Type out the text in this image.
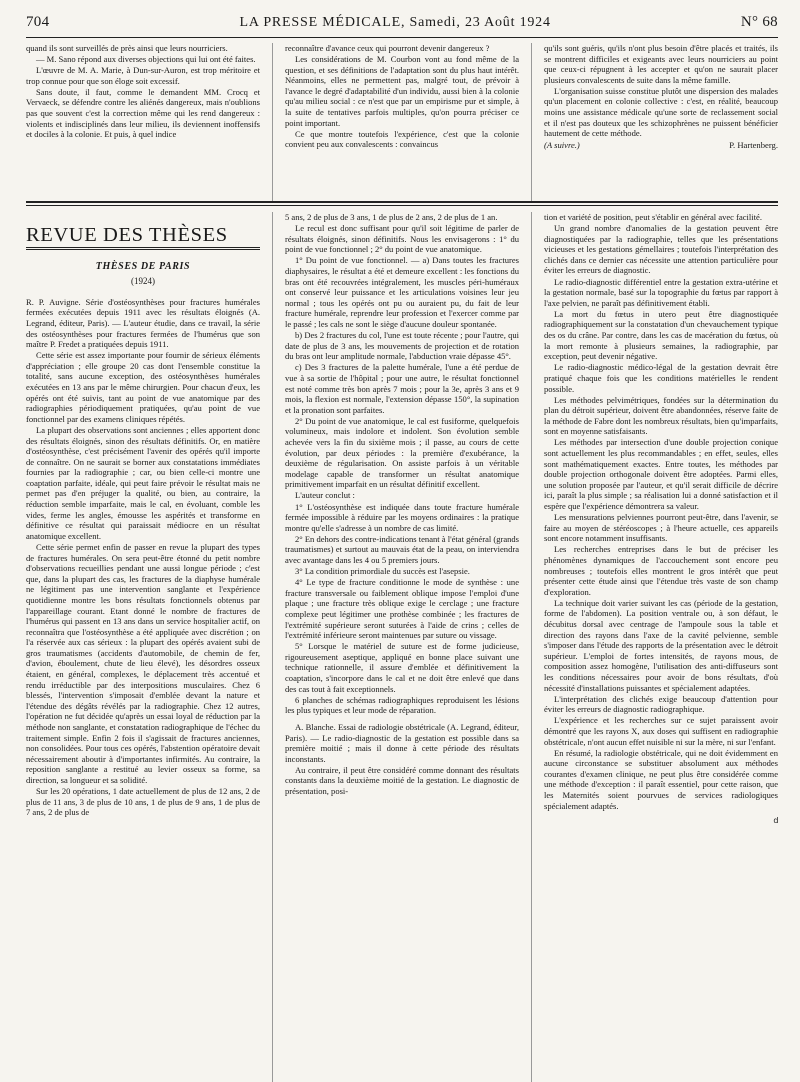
704	LA PRESSE MÉDICALE, Samedi, 23 Août 1924	N° 68

quand ils sont surveillés de près ainsi que leurs nourriciers.

— M. Sano répond aux diverses objections qui lui ont été faites.

L'œuvre de M. A. Marie, à Dun-sur-Auron, est trop méritoire et trop connue pour que son éloge soit excessif.

Sans doute, il faut, comme le demandent MM. Crocq et Vervaeck, se défendre contre les aliénés dangereux, mais n'oublions pas que souvent c'est la correction même qui les rend dangereux : violents et indisciplinés dans leur milieu, ils deviennent inoffensifs et dociles à la colonie. Et puis, à quel indice

reconnaître d'avance ceux qui pourront devenir dangereux ?

Les considérations de M. Courbon vont au fond même de la question, et ses définitions de l'adaptation sont du plus haut intérêt. Néanmoins, elles ne permettent pas, malgré tout, de prévoir à l'avance le degré d'adaptabilité d'un individu, aussi bien à la colonie qu'au milieu social : ce n'est que par un empirisme pur et simple, à la suite de tentatives parfois multiples, qu'on pourra préciser ce point important.

Ce que montre toutefois l'expérience, c'est que la colonie convient peu aux convalescents : convaincus

qu'ils sont guéris, qu'ils n'ont plus besoin d'être placés et traités, ils se montrent difficiles et exigeants avec leurs nourriciers au point que ceux-ci répugnent à les accepter et qu'on ne saurait placer plusieurs convalescents de suite dans la même famille.

L'organisation suisse constitue plutôt une dispersion des malades qu'un placement en colonie collective : c'est, en réalité, beaucoup moins une assistance médicale qu'une sorte de reclassement social et il n'est pas douteux que les schizophrènes ne puissent bénéficier hautement de cette méthode.

(A suivre.)	P. Hartenberg.
REVUE DES THÈSES
THÈSES DE PARIS
(1924)

R. P. Auvigne. Série d'ostéosynthèses pour fractures humérales fermées exécutées depuis 1911 avec les résultats éloignés (A. Legrand, éditeur, Paris). — L'auteur étudie, dans ce travail, la série des ostéosynthèses pour fractures fermées de l'humérus que son maître P. Fredet a pratiquées depuis 1911.

Cette série est assez importante pour fournir de sérieux éléments d'appréciation ; elle groupe 20 cas dont l'ensemble constitue la totalité, sans aucune exception, des ostéosynthèses humérales exécutées en 13 ans par le même chirurgien. Pour chacun d'eux, les opérés ont été suivis, tant au point de vue anatomique par des radiographies périodiquement pratiquées, qu'au point de vue fonctionnel par des examens cliniques répétés.

La plupart des observations sont anciennes ; elles apportent donc des résultats éloignés, sinon des résultats définitifs. Or, en matière d'ostéosynthèse, c'est précisément l'avenir des opérés qu'il importe de connaître. On ne saurait se borner aux constatations immédiates fournies par la radiographie ; car, ou bien celle-ci montre une coaptation parfaite, idéale, qui peut faire prévoir le résultat mais ne permet pas d'en préjuger la qualité, ou bien, au contraire, la réduction semble imparfaite, mais le cal, en évoluant, comble les vides, ferme les angles, émousse les aspérités et transforme en définitive ce résultat qui paraissait médiocre en un résultat anatomique excellent.

Cette série permet enfin de passer en revue la plupart des types de fractures humérales. On sera peut-être étonné du petit nombre d'observations recueillies pendant une aussi longue période ; c'est que, dans la plupart des cas, les fractures de la diaphyse humérale ne légitiment pas une intervention sanglante et l'expérience quotidienne montre les bons résultats fonctionnels obtenus par l'appareillage courant. Etant donné le nombre de fractures de l'humérus qui passent en 13 ans dans un service hospitalier actif, on reconnaîtra que l'ostéosynthèse a été appliquée avec discrétion ; on l'a réservée aux cas sérieux : la plupart des opérés avaient subi de gros traumatismes (accidents d'automobile, de chemin de fer, d'avion, éboulement, chute de lieu élevé), les désordres osseux étaient, en général, complexes, le déplacement très accentué et rendu irréductible par des interpositions musculaires. Chez 6 blessés, l'intervention s'imposait d'emblée devant la nature et l'étendue des dégâts révélés par la radiographie. Chez 12 autres, l'opération ne fut décidée qu'après un essai loyal de réduction par la méthode non sanglante, et constatation radiographique de l'échec du traitement simple. Enfin 2 fois il s'agissait de fractures anciennes, non consolidées. Pour tous ces opérés, l'abstention opératoire devait nécessairement aboutir à d'importantes infirmités. Au contraire, la reposition sanglante a restitué au levier osseux sa forme, sa direction, sa longueur et sa solidité.

Sur les 20 opérations, 1 date actuellement de plus de 12 ans, 2 de plus de 11 ans, 3 de plus de 10 ans, 1 de plus de 9 ans, 1 de plus de 7 ans, 2 de plus de

5 ans, 2 de plus de 3 ans, 1 de plus de 2 ans, 2 de plus de 1 an.

Le recul est donc suffisant pour qu'il soit légitime de parler de résultats éloignés, sinon définitifs. Nous les envisagerons : 1° du point de vue fonctionnel ; 2° du point de vue anatomique.

1° Du point de vue fonctionnel. — a) Dans toutes les fractures diaphysaires, le résultat a été et demeure excellent : les fonctions du bras ont été recouvrées intégralement, les muscles péri-huméraux ont conservé leur puissance et les articulations voisines leur jeu normal ; tous les opérés ont pu ou auraient pu, du fait de leur fracture humérale, reprendre leur profession et l'exercer comme par le passé ; les cals ne sont le siège d'aucune douleur spontanée.

b) Des 2 fractures du col, l'une est toute récente ; pour l'autre, qui date de plus de 3 ans, les mouvements de projection et de rotation du bras ont leur amplitude normale, l'abduction vraie dépasse 45°.

c) Des 3 fractures de la palette humérale, l'une a été perdue de vue à sa sortie de l'hôpital ; pour une autre, le résultat fonctionnel est noté comme très bon après 7 mois ; pour la 3e, après 3 ans et 9 mois, la flexion est normale, l'extension dépasse 150°, la supination et la pronation sont parfaites.

2° Du point de vue anatomique, le cal est fusiforme, quelquefois volumineux, mais indolore et indolent. Son évolution semble achevée vers la fin du sixième mois ; il passe, au cours de cette évolution, par deux périodes : la première d'exubérance, la deuxième de régularisation. On assiste parfois à un véritable modelage capable de transformer un résultat anatomique primitivement imparfait en un résultat définitif excellent.

L'auteur conclut :

1° L'ostéosynthèse est indiquée dans toute fracture humérale fermée impossible à réduire par les moyens ordinaires : la pratique montre qu'elle s'adresse à un nombre de cas limité.

2° En dehors des contre-indications tenant à l'état général (grands traumatismes) et surtout au mauvais état de la peau, on interviendra avec avantage dans les 4 ou 5 premiers jours.

3° La condition primordiale du succès est l'asepsie.

4° Le type de fracture conditionne le mode de synthèse : une fracture transversale ou faiblement oblique impose l'emploi d'une plaque ; une fracture très oblique exige le cerclage ; une fracture complexe peut légitimer une prothèse combinée ; les fractures de l'extrémité supérieure seront suturées à l'aide de crins ; celles de l'extrémité inférieure seront maintenues par suture ou vissage.

5° Lorsque le matériel de suture est de forme judicieuse, rigoureusement aseptique, appliqué en bonne place suivant une technique rationnelle, il assure d'emblée et définitivement la coaptation, s'incorpore dans le cal et ne doit être enlevé que dans des cas tout à fait exceptionnels.

6 planches de schémas radiographiques reproduisent les lésions les plus typiques et leur mode de réparation.

A. Blanche. Essai de radiologie obstétricale (A. Legrand, éditeur, Paris). — Le radio-diagnostic de la gestation est possible dans sa première moitié ; mais il donne à cette période des résultats inconstants.

Au contraire, il peut être considéré comme donnant des résultats constants dans la deuxième moitié de la gestation. Le diagnostic de présentation, posi-

tion et variété de position, peut s'établir en général avec facilité.

Un grand nombre d'anomalies de la gestation peuvent être diagnostiquées par la radiographie, telles que les présentations vicieuses et les gestations gémellaires ; toutefois l'interprétation des clichés dans ce dernier cas nécessite une attention particulière pour éviter les erreurs de diagnostic.

Le radio-diagnostic différentiel entre la gestation extra-utérine et la gestation normale, basé sur la topographie du fœtus par rapport à l'axe pelvien, ne paraît pas définitivement établi.

La mort du fœtus in utero peut être diagnostiquée radiographiquement sur la constatation d'un chevauchement typique des os du crâne. Par contre, dans les cas de macération du fœtus, où la mort remonte à plusieurs semaines, la radiographie, par exception, peut devenir négative.

Le radio-diagnostic médico-légal de la gestation devrait être pratiqué chaque fois que les conditions matérielles le rendent possible.

Les méthodes pelvimétriques, fondées sur la détermination du plan du détroit supérieur, doivent être abandonnées, réserve faite de la méthode de Fabre dont les nombreux résultats, bien qu'imparfaits, sont en moyenne satisfaisants.

Les méthodes par intersection d'une double projection conique sont actuellement les plus recommandables ; en effet, seules, elles sont mathématiquement exactes. Entre toutes, les méthodes par double projection orthogonale doivent être adoptées. Parmi elles, une solution proposée par l'auteur, et qu'il serait difficile de décrire ici, paraît la plus simple ; sa réalisation lui a donné satisfaction et il espère que l'expérience démontrera sa valeur.

Les mensurations pelviennes pourront peut-être, dans l'avenir, se faire au moyen de stéréoscopes ; à l'heure actuelle, ces appareils sont encore notamment insuffisants.

Les recherches entreprises dans le but de préciser les phénomènes dynamiques de l'accouchement sont encore peu nombreuses ; toutefois elles montrent le gros intérêt que peut présenter cette étude ainsi que l'étendue très vaste de son champ d'exploration.

La technique doit varier suivant les cas (période de la gestation, forme de l'abdomen). La position ventrale ou, à son défaut, le décubitus dorsal avec centrage de l'ampoule sous la table et direction des rayons dans l'axe de la cavité pelvienne, semble s'imposer dans l'étude des rapports de la présentation avec le détroit supérieur. L'emploi de fortes intensités, de rayons mous, de composition assez homogène, l'utilisation des anti-diffuseurs sont les conditions nécessaires pour avoir de bons résultats, d'où nécessité d'installations puissantes et spécialement adaptées.

L'interprétation des clichés exige beaucoup d'attention pour éviter les erreurs de diagnostic radiographique.

L'expérience et les recherches sur ce sujet paraissent avoir démontré que les rayons X, aux doses qui suffisent en radiographie obstétricale, n'ont aucun effet nuisible ni sur la mère, ni sur l'enfant.

En résumé, la radiologie obstétricale, qui ne doit évidemment en aucune circonstance se substituer absolument aux méthodes courantes d'examen clinique, ne peut plus être considérée comme une méthode d'exception : il paraît essentiel, pour cette raison, que les Maternités soient pourvues de services radiologiques spécialement adaptés.

d
